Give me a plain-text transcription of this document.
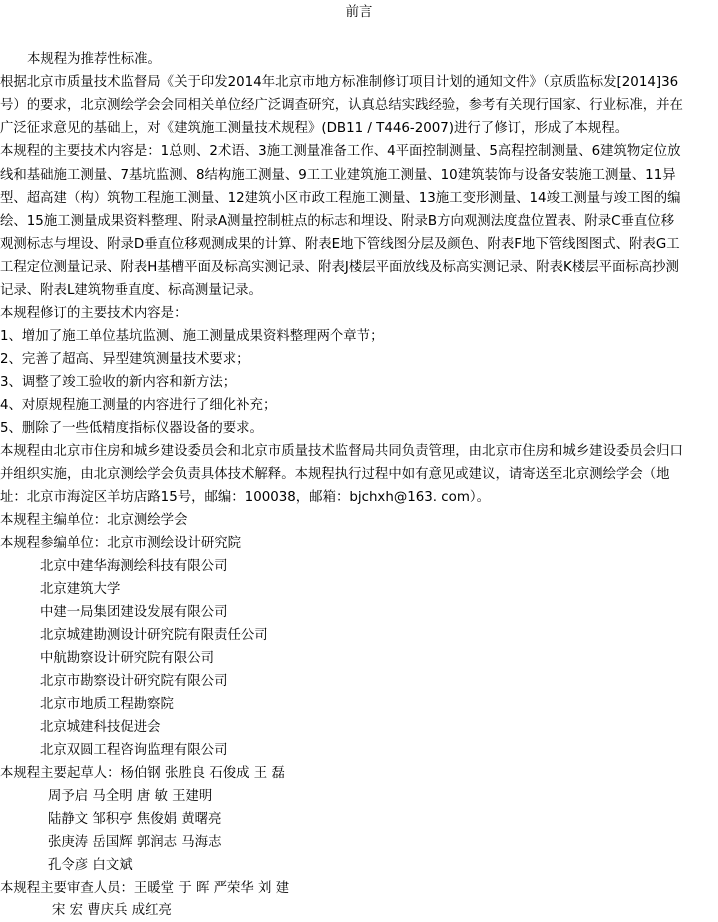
前言
本规程为推荐性标准。
根据北京市质量技术监督局《关于印发2014年北京市地方标准制修订项目计划的通知文件》（京质监标发[2014]36
号）的要求，北京测绘学会会同相关单位经广泛调查研究，认真总结实践经验，参考有关现行国家、行业标准，并在
广泛征求意见的基础上，对《建筑施工测量技术规程》(DB11 / T446-2007)进行了修订，形成了本规程。
本规程的主要技术内容是：1总则、2术语、3施工测量准备工作、4平面控制测量、5高程控制测量、6建筑物定位放
线和基础施工测量、7基坑监测、8结构施工测量、9工工业建筑施工测量、10建筑装饰与设备安装施工测量、11异
型、超高建（构）筑物工程施工测量、12建筑小区市政工程施工测量、13施工变形测量、14竣工测量与竣工图的编
绘、15施工测量成果资料整理、附录A测量控制桩点的标志和埋设、附录B方向观测法度盘位置表、附录C垂直位移
观测标志与埋设、附录D垂直位移观测成果的计算、附表E地下管线图分层及颜色、附表F地下管线图图式、附表G工
工程定位测量记录、附表H基槽平面及标高实测记录、附表J楼层平面放线及标高实测记录、附表K楼层平面标高抄测
记录、附表L建筑物垂直度、标高测量记录。
本规程修订的主要技术内容是：
1、增加了施工单位基坑监测、施工测量成果资料整理两个章节；
2、完善了超高、异型建筑测量技术要求；
3、调整了竣工验收的新内容和新方法；
4、对原规程施工测量的内容进行了细化补充；
5、删除了一些低精度指标仪器设备的要求。
本规程由北京市住房和城乡建设委员会和北京市质量技术监督局共同负责管理，由北京市住房和城乡建设委员会归口
并组织实施，由北京测绘学会负责具体技术解释。本规程执行过程中如有意见或建议，请寄送至北京测绘学会（地
址：北京市海淀区羊坊店路15号，邮编：100038，邮箱：bjchxh@163. com）。
本规程主编单位：北京测绘学会
本规程参编单位：北京市测绘设计研究院
北京中建华海测绘科技有限公司
北京建筑大学
中建一局集团建设发展有限公司
北京城建勘测设计研究院有限责任公司
中航勘察设计研究院有限公司
北京市勘察设计研究院有限公司
北京市地质工程勘察院
北京城建科技促进会
北京双圆工程咨询监理有限公司
本规程主要起草人：杨伯钢 张胜良 石俊成 王 磊
周予启 马全明 唐 敏 王建明
陆静文 邹积亭 焦俊娟 黄曙亮
张庚涛 岳国辉 郭润志 马海志
孔令彦 白文斌
本规程主要审查人员：王暖堂 于 晖 严荣华 刘 建
宋 宏 曹庆兵 成红亮
